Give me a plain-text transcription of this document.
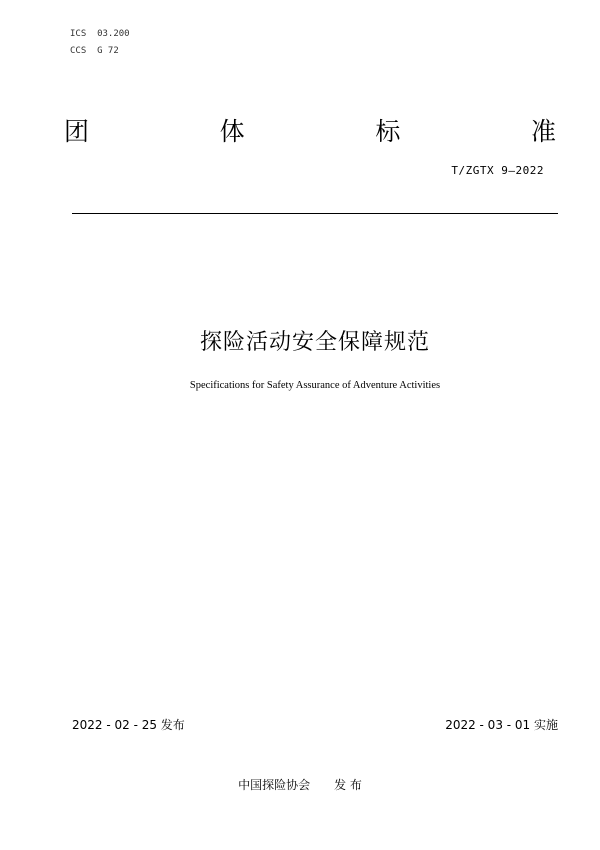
ICS  03.200
CCS  G 72
团	体	标	准
T/ZGTX 9—2022
探险活动安全保障规范
Specifications for Safety Assurance of Adventure Activities
2022 - 02 - 25 发布	2022 - 03 - 01 实施
中国探险协会 发 布
